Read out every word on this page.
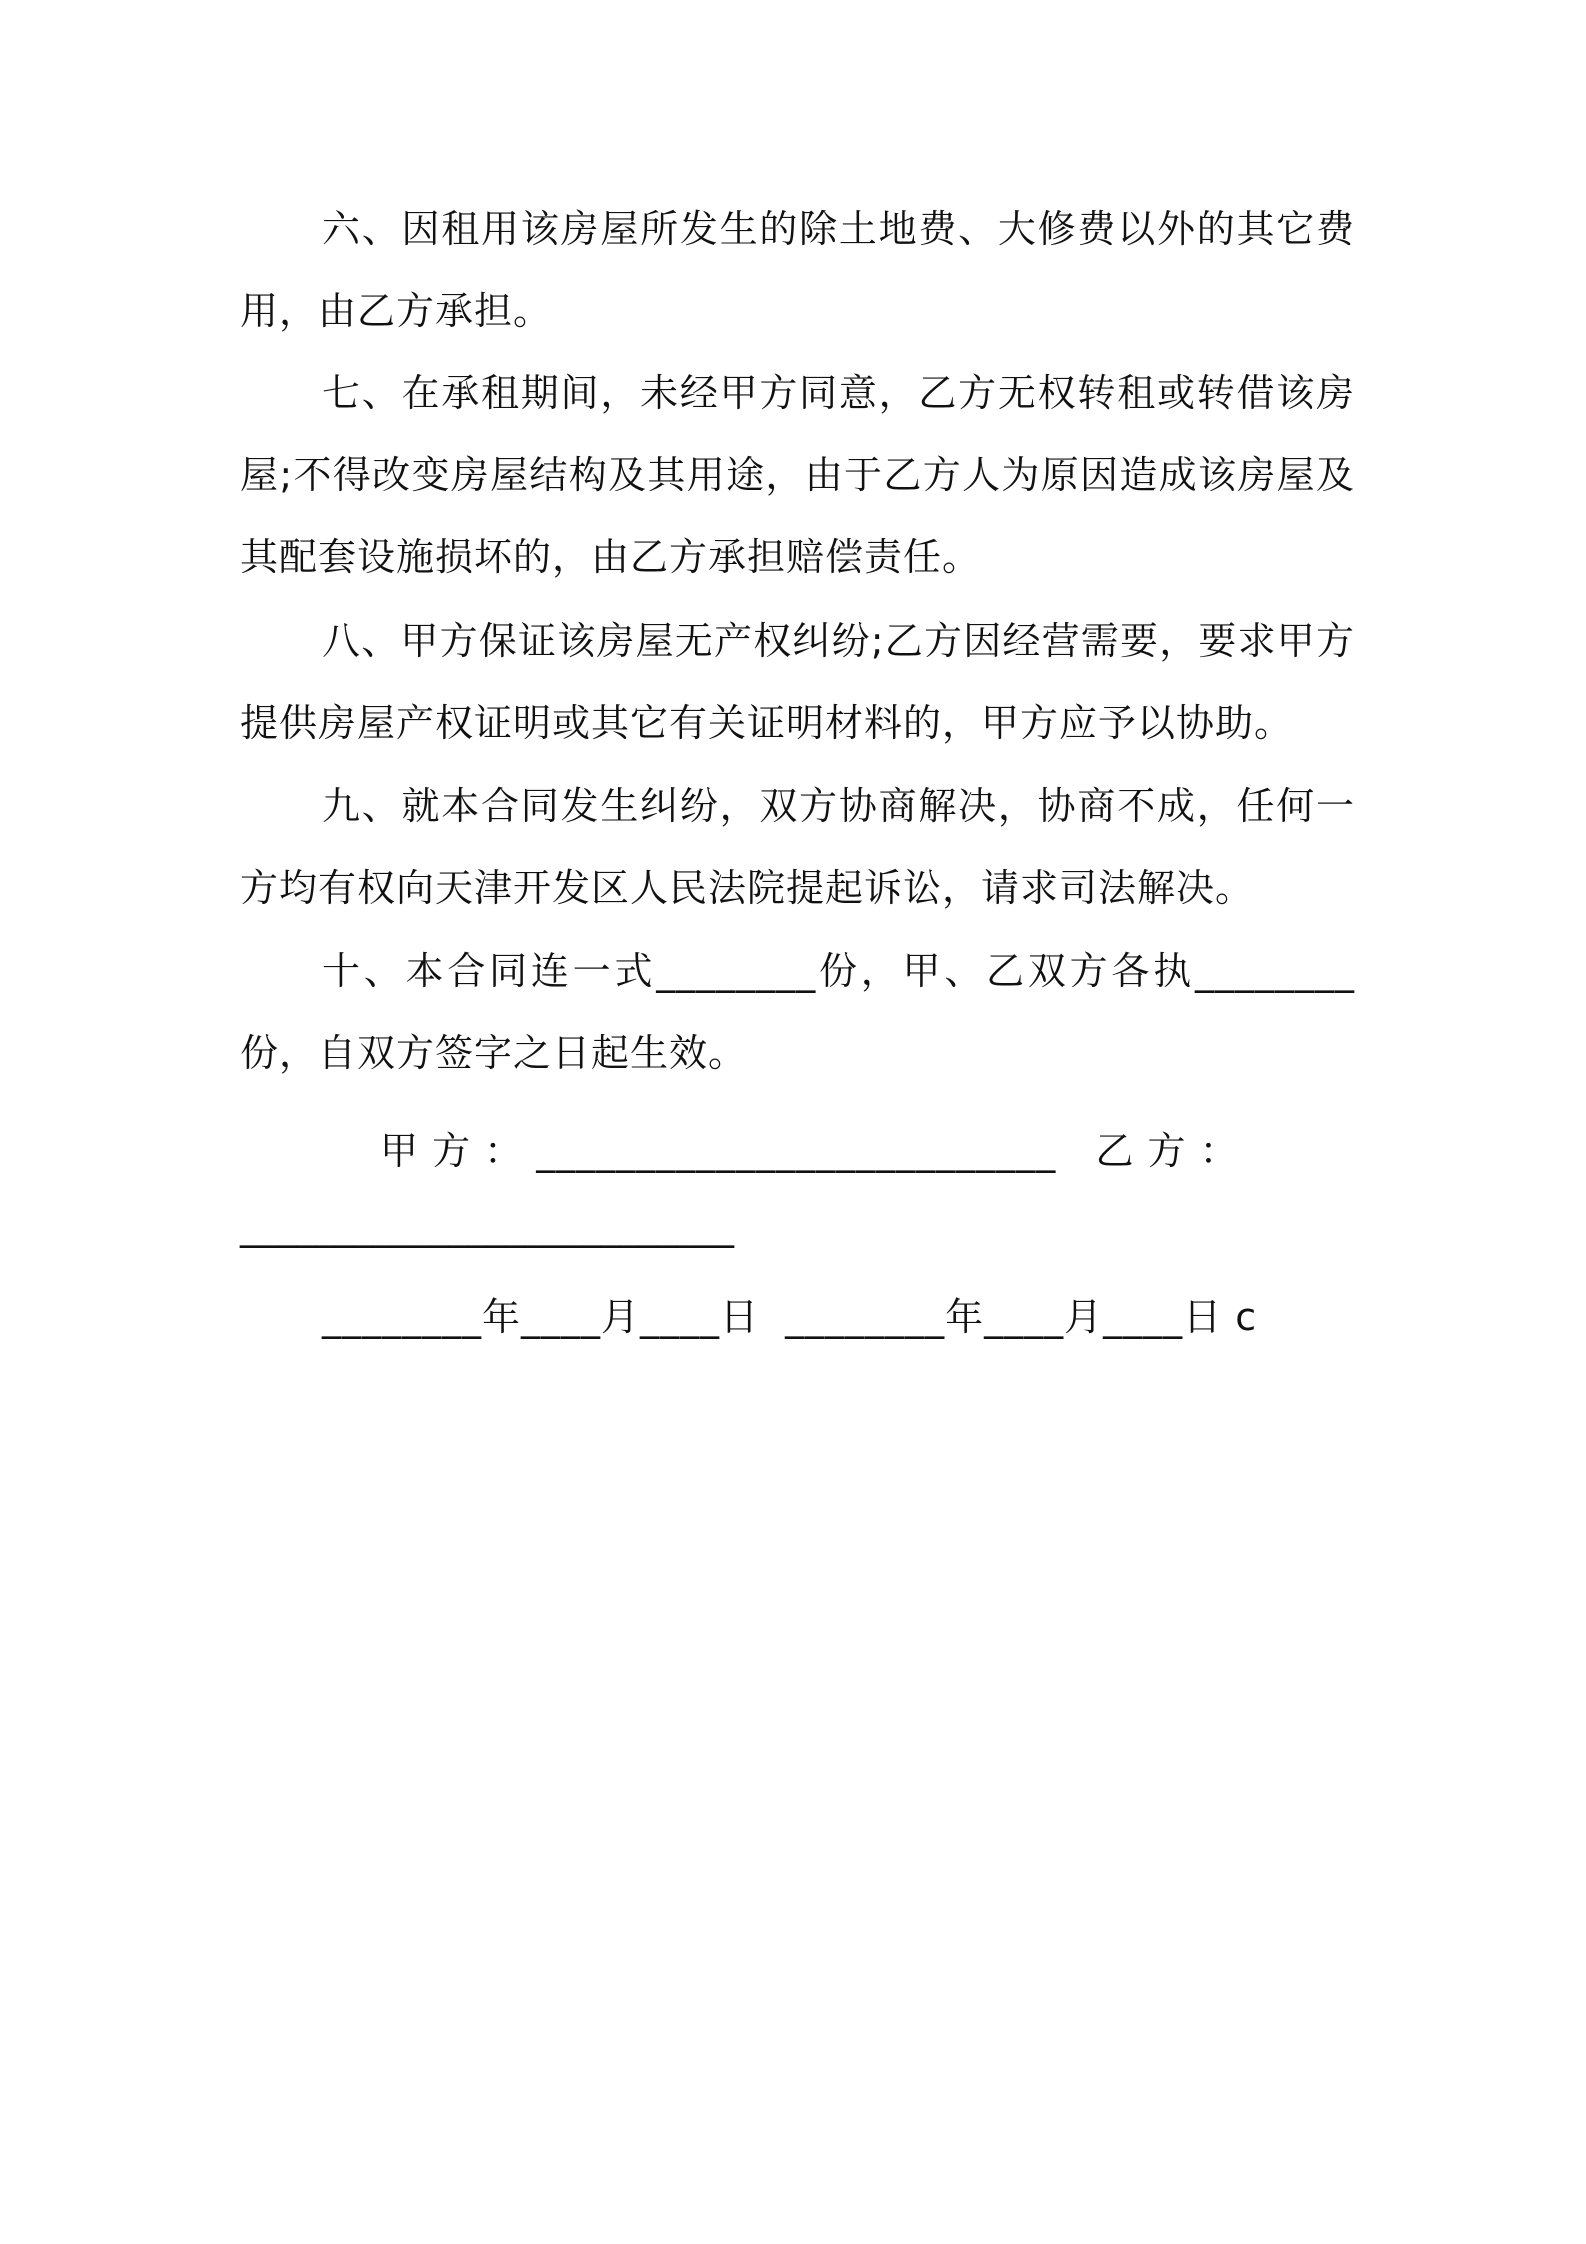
六、因租用该房屋所发生的除土地费、大修费以外的其它费用，由乙方承担。

七、在承租期间，未经甲方同意，乙方无权转租或转借该房屋;不得改变房屋结构及其用途，由于乙方人为原因造成该房屋及其配套设施损坏的，由乙方承担赔偿责任。

八、甲方保证该房屋无产权纠纷;乙方因经营需要，要求甲方提供房屋产权证明或其它有关证明材料的，甲方应予以协助。

九、就本合同发生纠纷，双方协商解决，协商不成，任何一方均有权向天津开发区人民法院提起诉讼，请求司法解决。

十、本合同连一式________份，甲、乙双方各执________份，自双方签字之日起生效。

甲 方 ： __________________________   乙 方 ：
__________________________
________年____月____日  ________年____月____日 c
